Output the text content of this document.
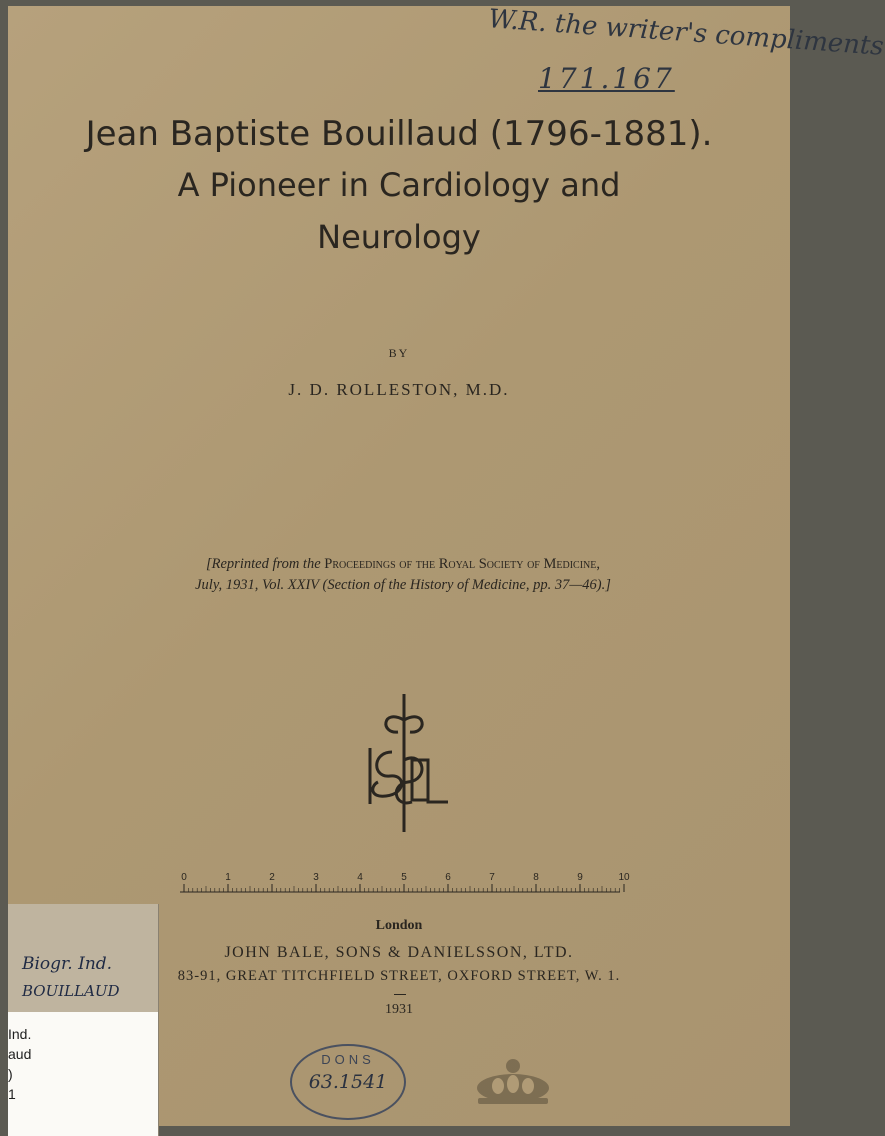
W.R. the writer's compliments
171.167
Jean Baptiste Bouillaud (1796-1881).
A Pioneer in Cardiology and
Neurology
BY
J. D. ROLLESTON, M.D.
[Reprinted from the Proceedings of the Royal Society of Medicine,
July, 1931, Vol. XXIV (Section of the History of Medicine, pp. 37—46).]
BS&D
0	1	2	3	4	5	6	7	8	9	10
London
JOHN BALE, SONS & DANIELSSON, LTD.
83-91, GREAT TITCHFIELD STREET, OXFORD STREET, W. 1.
1931
Biogr. Ind.
BOUILLAUD
Ind.
aud
)
1
DONS
63.1541
